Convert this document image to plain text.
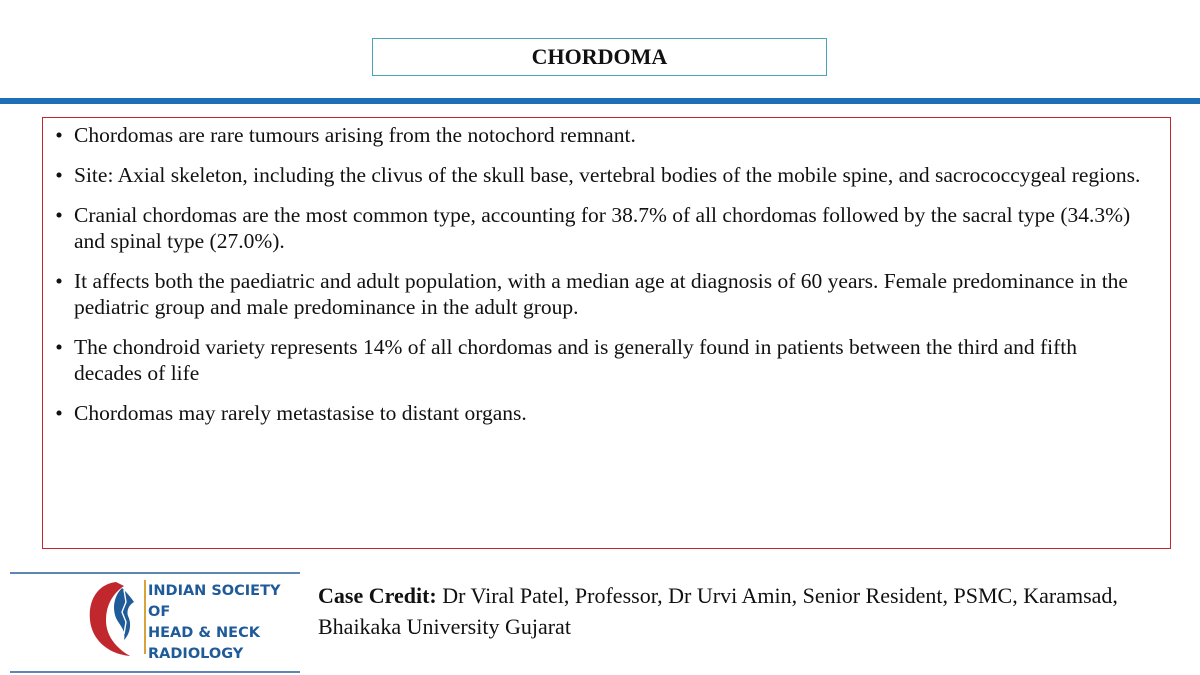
CHORDOMA
• Chordomas are rare tumours arising from the notochord remnant.
• Site: Axial skeleton, including the clivus of the skull base, vertebral bodies of the mobile spine, and sacrococcygeal regions.
• Cranial chordomas are the most common type, accounting for 38.7% of all chordomas followed by the sacral type (34.3%) and spinal type (27.0%).
• It affects both the paediatric and adult population, with a median age at diagnosis of 60 years. Female predominance in the pediatric group and male predominance in the adult group.
• The chondroid variety represents 14% of all chordomas and is generally found in patients between the third and fifth decades of life
• Chordomas may rarely metastasise to distant organs.
INDIAN SOCIETY OF
HEAD & NECK
RADIOLOGY
Case Credit: Dr Viral Patel, Professor, Dr Urvi Amin, Senior Resident, PSMC, Karamsad, Bhaikaka University Gujarat
